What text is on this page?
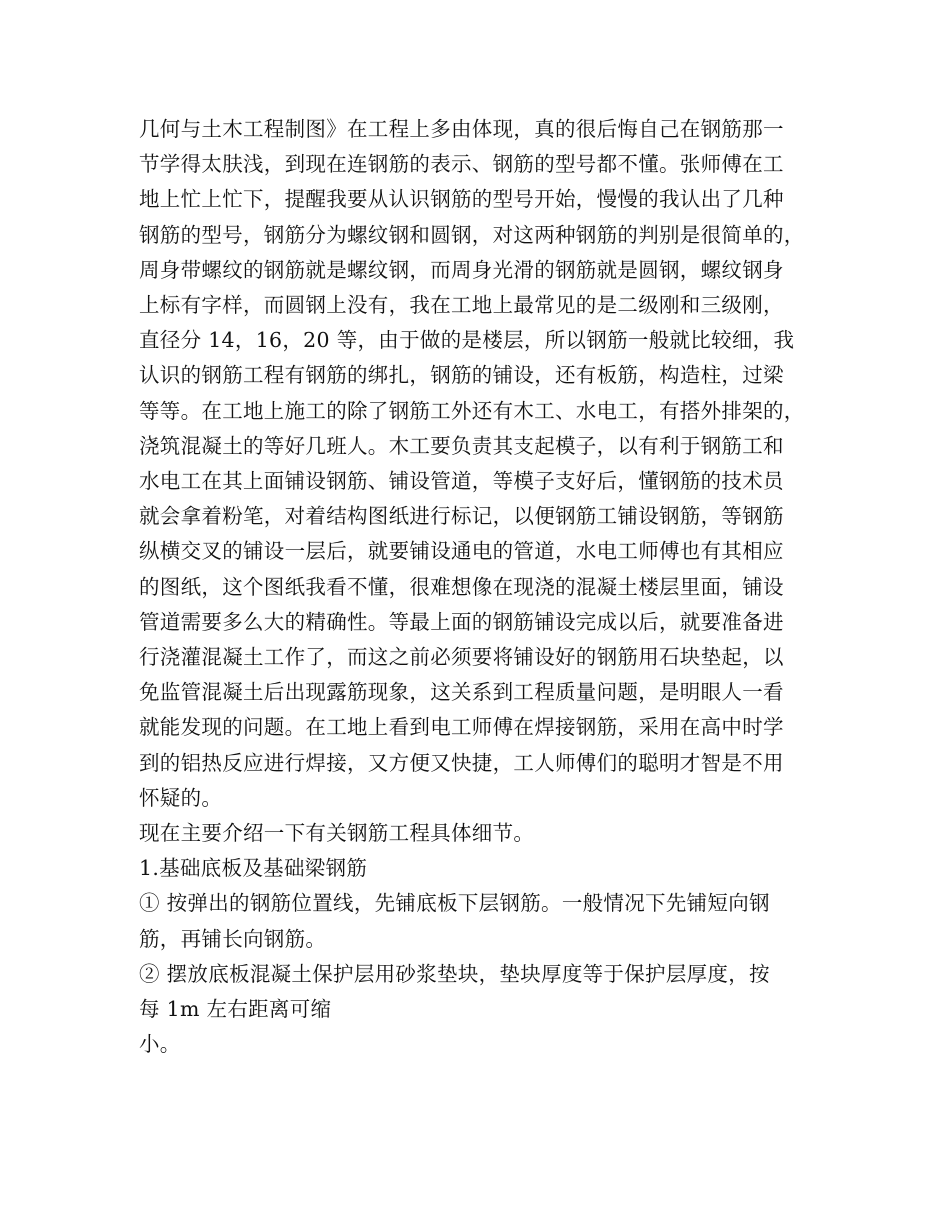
几何与土木工程制图》在工程上多由体现，真的很后悔自己在钢筋那一
节学得太肤浅，到现在连钢筋的表示、钢筋的型号都不懂。张师傅在工
地上忙上忙下，提醒我要从认识钢筋的型号开始，慢慢的我认出了几种
钢筋的型号，钢筋分为螺纹钢和圆钢，对这两种钢筋的判别是很简单的，
周身带螺纹的钢筋就是螺纹钢，而周身光滑的钢筋就是圆钢，螺纹钢身
上标有字样，而圆钢上没有，我在工地上最常见的是二级刚和三级刚，
直径分 14，16，20 等，由于做的是楼层，所以钢筋一般就比较细，我
认识的钢筋工程有钢筋的绑扎，钢筋的铺设，还有板筋，构造柱，过梁
等等。在工地上施工的除了钢筋工外还有木工、水电工，有搭外排架的，
浇筑混凝土的等好几班人。木工要负责其支起模子，以有利于钢筋工和
水电工在其上面铺设钢筋、铺设管道，等模子支好后，懂钢筋的技术员
就会拿着粉笔，对着结构图纸进行标记，以便钢筋工铺设钢筋，等钢筋
纵横交叉的铺设一层后，就要铺设通电的管道，水电工师傅也有其相应
的图纸，这个图纸我看不懂，很难想像在现浇的混凝土楼层里面，铺设
管道需要多么大的精确性。等最上面的钢筋铺设完成以后，就要准备进
行浇灌混凝土工作了，而这之前必须要将铺设好的钢筋用石块垫起，以
免监管混凝土后出现露筋现象，这关系到工程质量问题，是明眼人一看
就能发现的问题。在工地上看到电工师傅在焊接钢筋，采用在高中时学
到的铝热反应进行焊接，又方便又快捷，工人师傅们的聪明才智是不用
怀疑的。
现在主要介绍一下有关钢筋工程具体细节。
1.基础底板及基础梁钢筋
① 按弹出的钢筋位置线，先铺底板下层钢筋。一般情况下先铺短向钢
筋，再铺长向钢筋。
② 摆放底板混凝土保护层用砂浆垫块，垫块厚度等于保护层厚度，按
每 1m 左右距离可缩
小。
